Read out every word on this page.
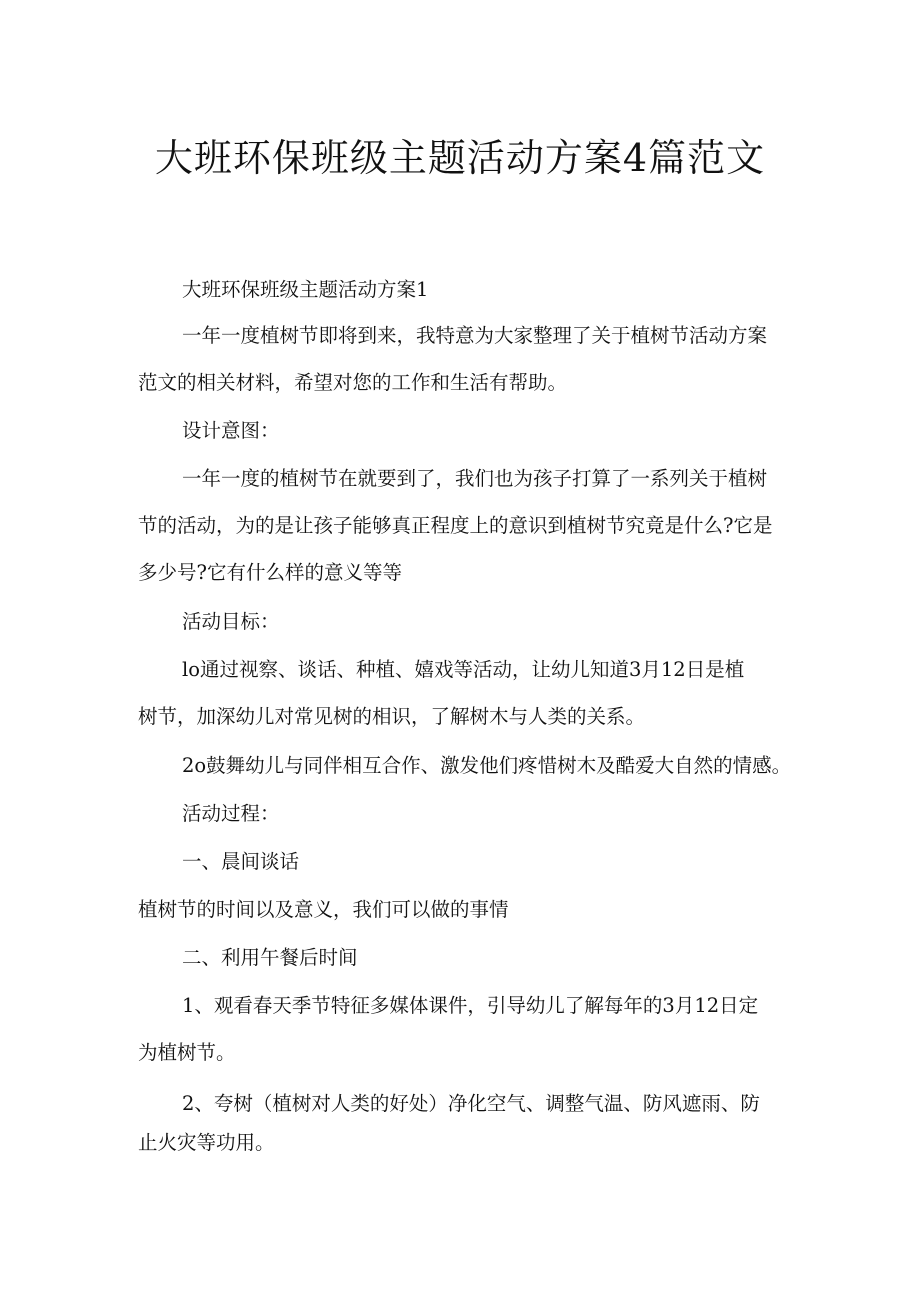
大班环保班级主题活动方案4篇范文

大班环保班级主题活动方案1

一年一度植树节即将到来，我特意为大家整理了关于植树节活动方案
范文的相关材料，希望对您的工作和生活有帮助。

设计意图：

一年一度的植树节在就要到了，我们也为孩子打算了一系列关于植树
节的活动，为的是让孩子能够真正程度上的意识到植树节究竟是什么?它是
多少号?它有什么样的意义等等

活动目标：

lo通过视察、谈话、种植、嬉戏等活动，让幼儿知道3月12日是植
树节，加深幼儿对常见树的相识，了解树木与人类的关系。

2o鼓舞幼儿与同伴相互合作、激发他们疼惜树木及酷爱大自然的情感。

活动过程：

一、晨间谈话

植树节的时间以及意义，我们可以做的事情

二、利用午餐后时间

1、观看春天季节特征多媒体课件，引导幼儿了解每年的3月12日定
为植树节。

2、夸树（植树对人类的好处）净化空气、调整气温、防风遮雨、防
止火灾等功用。
